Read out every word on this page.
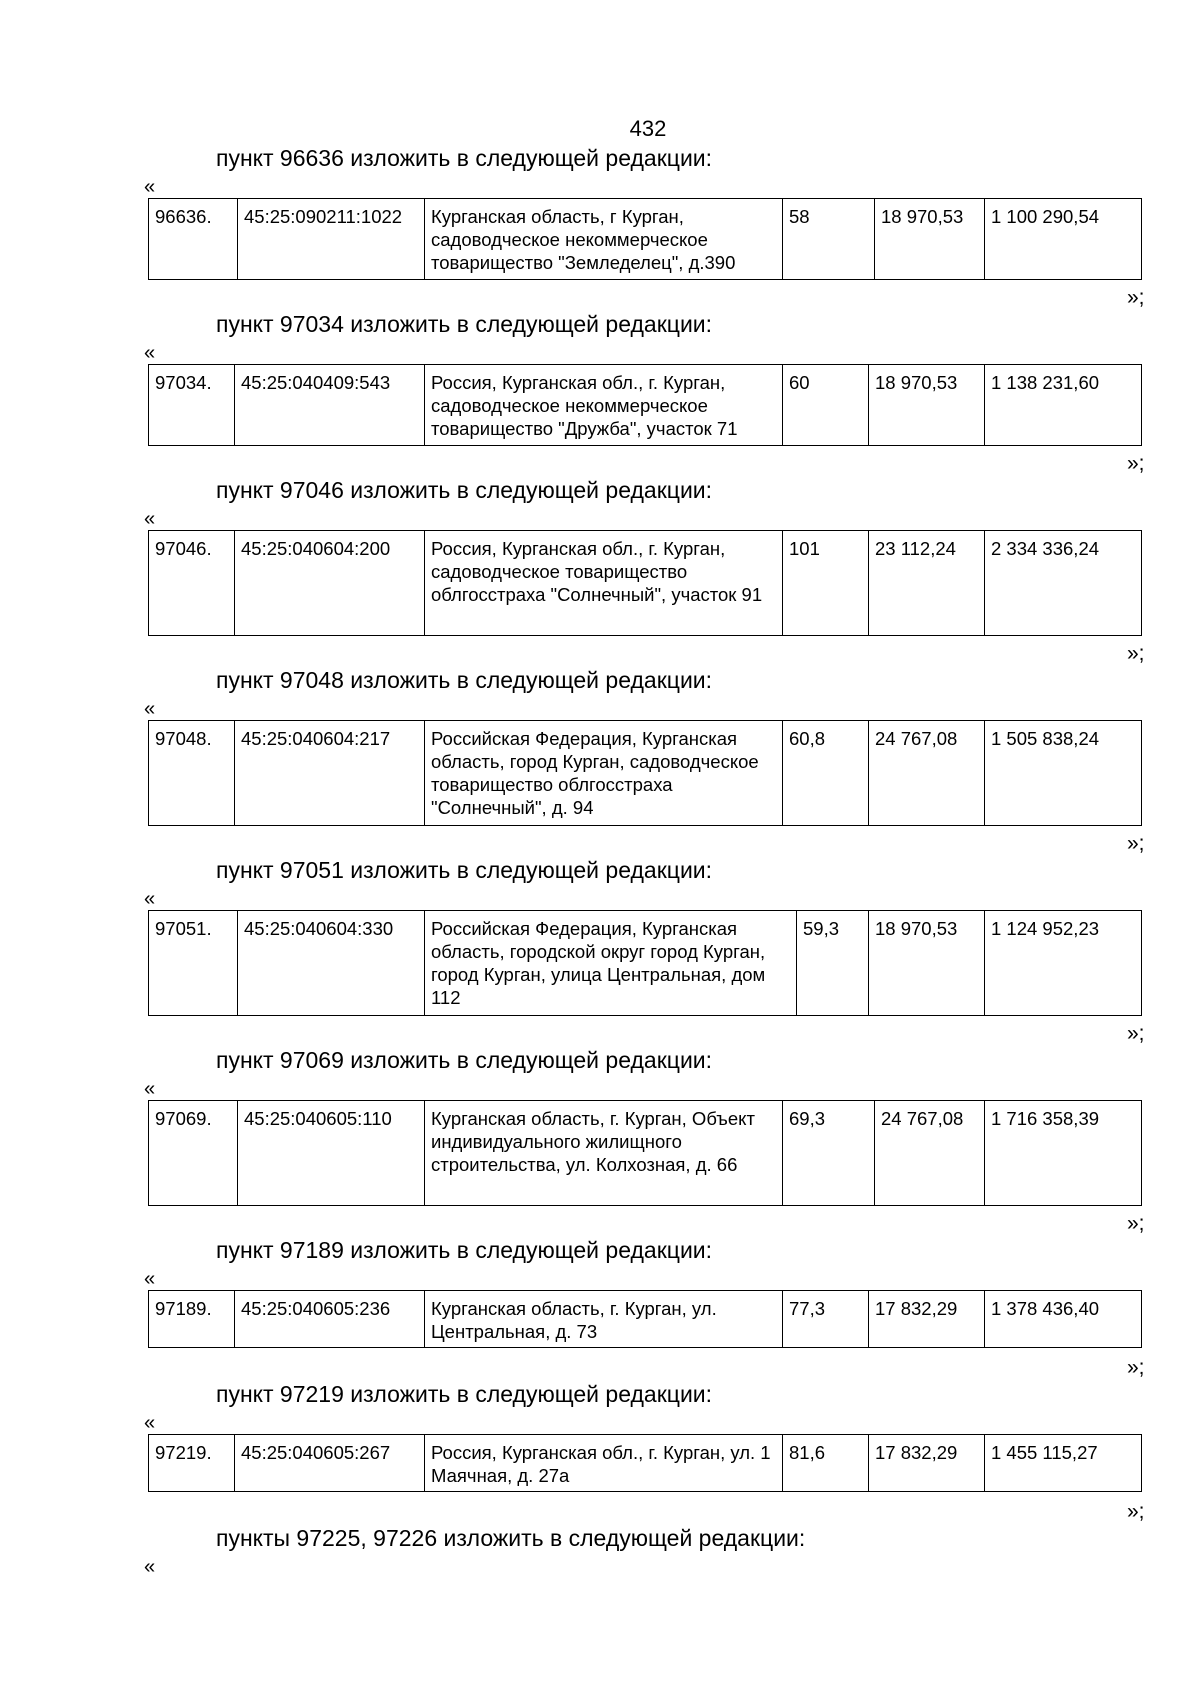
432
пункт 96636 изложить в следующей редакции:
«
96636.	45:25:090211:1022	Курганская область, г Курган, садоводческое некоммерческое товарищество "Земледелец", д.390	58	18 970,53	1 100 290,54
»;
пункт 97034 изложить в следующей редакции:
«
97034.	45:25:040409:543	Россия, Курганская обл., г. Курган, садоводческое некоммерческое товарищество "Дружба", участок 71	60	18 970,53	1 138 231,60
»;
пункт 97046 изложить в следующей редакции:
«
97046.	45:25:040604:200	Россия, Курганская обл., г. Курган, садоводческое товарищество облгосстраха "Солнечный", участок 91	101	23 112,24	2 334 336,24
»;
пункт 97048 изложить в следующей редакции:
«
97048.	45:25:040604:217	Российская Федерация, Курганская область, город Курган, садоводческое товарищество облгосстраха "Солнечный", д. 94	60,8	24 767,08	1 505 838,24
»;
пункт 97051 изложить в следующей редакции:
«
97051.	45:25:040604:330	Российская Федерация, Курганская область, городской округ город Курган, город Курган, улица Центральная, дом 112	59,3	18 970,53	1 124 952,23
»;
пункт 97069 изложить в следующей редакции:
«
97069.	45:25:040605:110	Курганская область, г. Курган, Объект индивидуального жилищного строительства, ул. Колхозная, д. 66	69,3	24 767,08	1 716 358,39
»;
пункт 97189 изложить в следующей редакции:
«
97189.	45:25:040605:236	Курганская область, г. Курган, ул. Центральная, д. 73	77,3	17 832,29	1 378 436,40
»;
пункт 97219 изложить в следующей редакции:
«
97219.	45:25:040605:267	Россия, Курганская обл., г. Курган, ул. 1 Маячная, д. 27а	81,6	17 832,29	1 455 115,27
»;
пункты 97225, 97226 изложить в следующей редакции:
«
